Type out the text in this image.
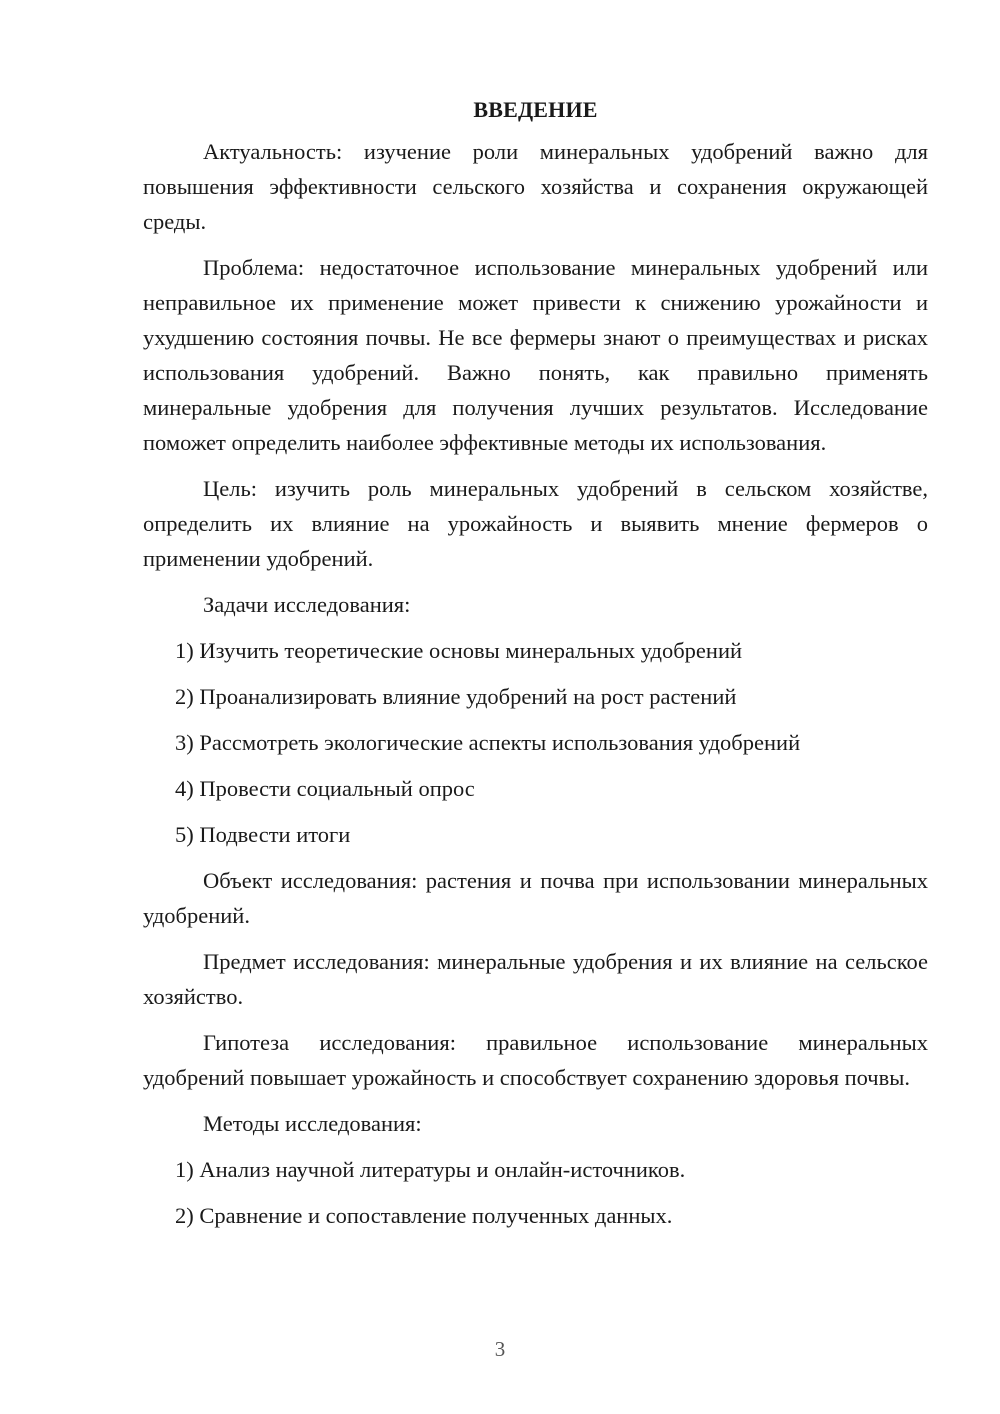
ВВЕДЕНИЕ

Актуальность: изучение роли минеральных удобрений важно для повышения эффективности сельского хозяйства и сохранения окружающей среды.

Проблема: недостаточное использование минеральных удобрений или неправильное их применение может привести к снижению урожайности и ухудшению состояния почвы. Не все фермеры знают о преимуществах и рисках использования удобрений. Важно понять, как правильно применять минеральные удобрения для получения лучших результатов. Исследование поможет определить наиболее эффективные методы их использования.

Цель: изучить роль минеральных удобрений в сельском хозяйстве, определить их влияние на урожайность и выявить мнение фермеров о применении удобрений.

Задачи исследования:

1) Изучить теоретические основы минеральных удобрений
2) Проанализировать влияние удобрений на рост растений
3) Рассмотреть экологические аспекты использования удобрений
4) Провести социальный опрос
5) Подвести итоги

Объект исследования: растения и почва при использовании минеральных удобрений.

Предмет исследования: минеральные удобрения и их влияние на сельское хозяйство.

Гипотеза исследования: правильное использование минеральных удобрений повышает урожайность и способствует сохранению здоровья почвы.

Методы исследования:

1) Анализ научной литературы и онлайн-источников.
2) Сравнение и сопоставление полученных данных.
3
